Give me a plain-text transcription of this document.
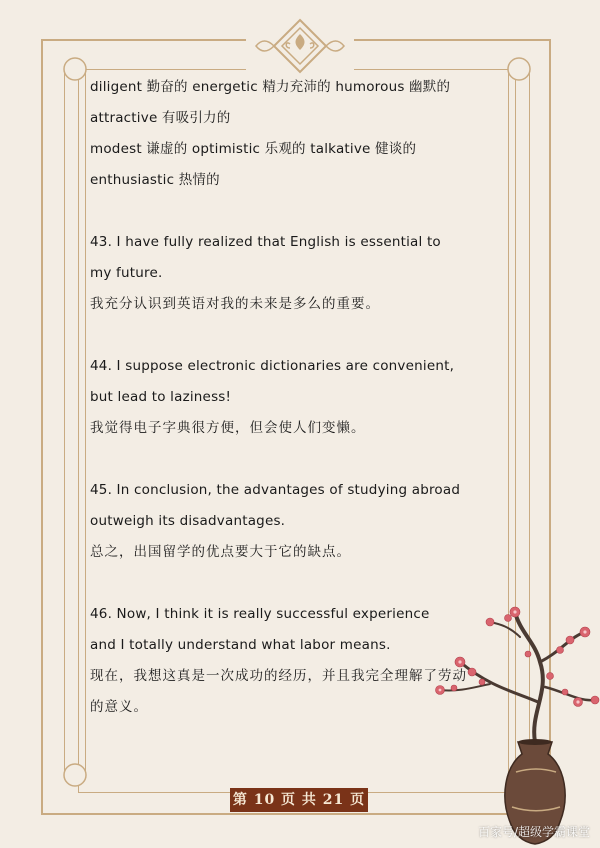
diligent 勤奋的 energetic 精力充沛的 humorous 幽默的
attractive 有吸引力的
modest 谦虚的 optimistic 乐观的 talkative 健谈的
enthusiastic 热情的
43. I have fully realized that English is essential to
my future.
我充分认识到英语对我的未来是多么的重要。
44. I suppose electronic dictionaries are convenient,
but lead to laziness!
我觉得电子字典很方便，但会使人们变懒。
45. In conclusion, the advantages of studying abroad
outweigh its disadvantages.
总之，出国留学的优点要大于它的缺点。
46. Now, I think it is really successful experience
and I totally understand what labor means.
现在，我想这真是一次成功的经历，并且我完全理解了劳动
的意义。
第 10 页 共 21 页
百家号/超级学霸课堂
